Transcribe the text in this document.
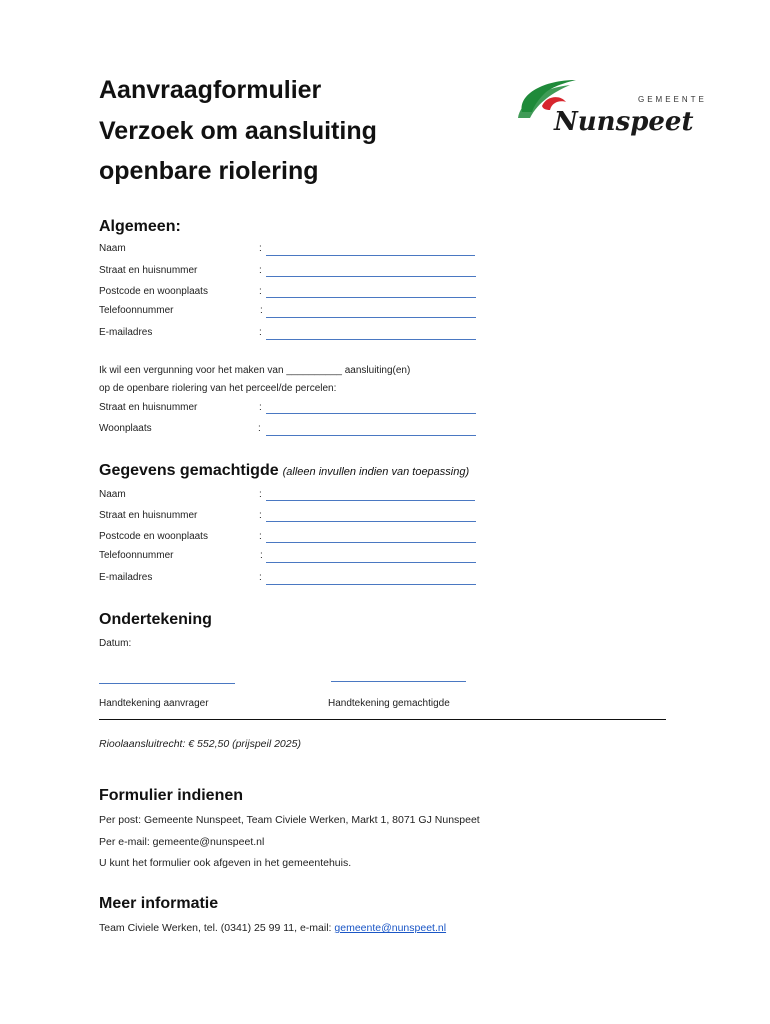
Aanvraagformulier
Verzoek om aansluiting
openbare riolering
GEMEENTE
Nunspeet
Algemeen:
Naam	:
Straat en huisnummer	:
Postcode en woonplaats	:
Telefoonnummer	:
E-mailadres	:
Ik wil een vergunning voor het maken van __________ aansluiting(en)
op de openbare riolering van het perceel/de percelen:
Straat en huisnummer	:
Woonplaats	:
Gegevens gemachtigde (alleen invullen indien van toepassing)
Naam	:
Straat en huisnummer	:
Postcode en woonplaats	:
Telefoonnummer	:
E-mailadres	:
Ondertekening
Datum:
Handtekening aanvrager	Handtekening gemachtigde
Rioolaansluitrecht: € 552,50 (prijspeil 2025)
Formulier indienen
Per post: Gemeente Nunspeet, Team Civiele Werken, Markt 1, 8071 GJ Nunspeet
Per e-mail: gemeente@nunspeet.nl
U kunt het formulier ook afgeven in het gemeentehuis.
Meer informatie
Team Civiele Werken, tel. (0341) 25 99 11, e-mail: gemeente@nunspeet.nl
